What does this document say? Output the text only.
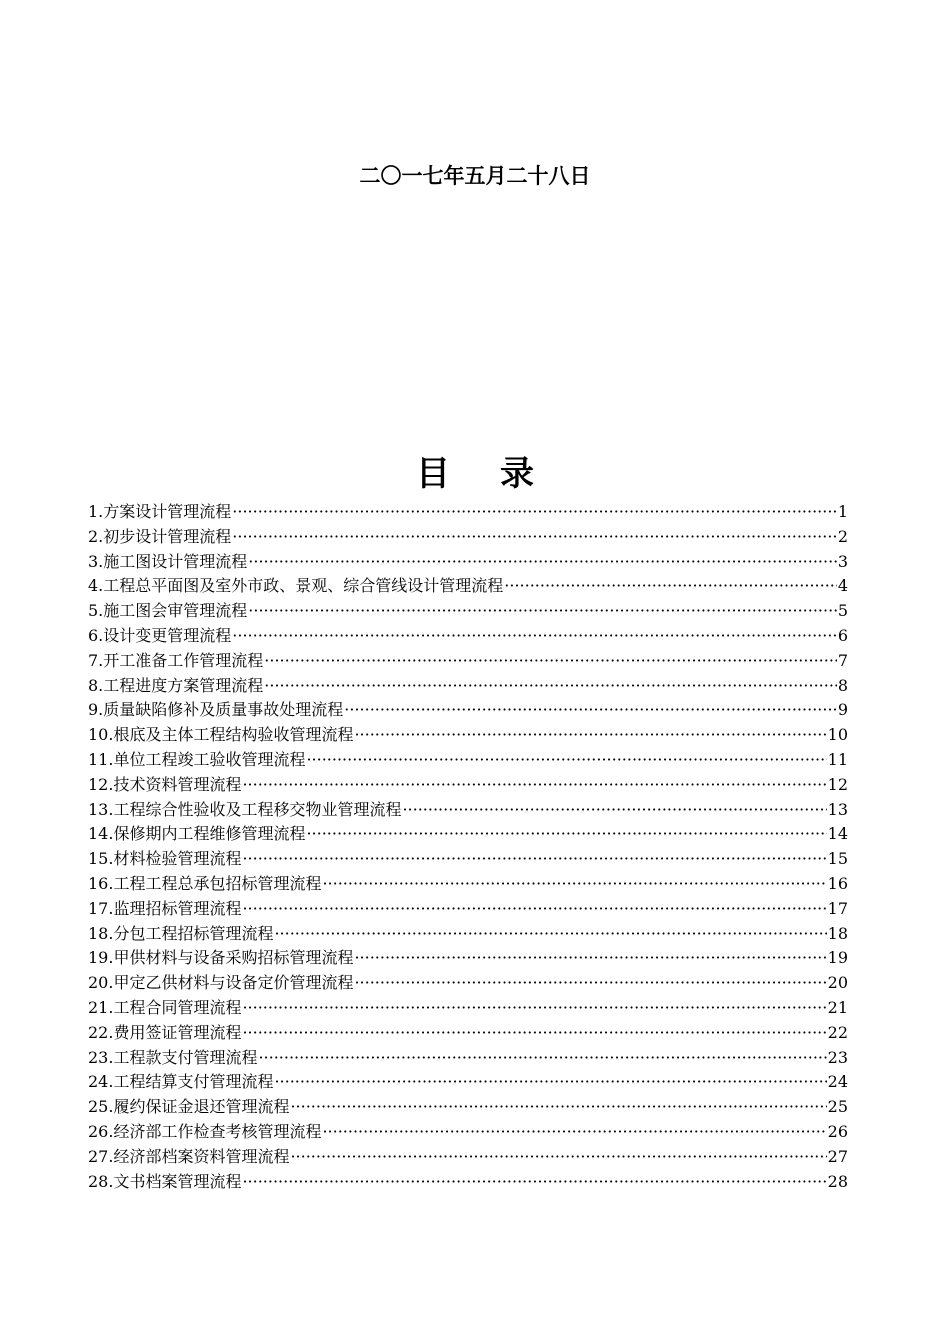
二〇一七年五月二十八日
目录
1.方案设计管理流程 ·····	1
2.初步设计管理流程 ·····	2
3.施工图设计管理流程 ·····	3
4.工程总平面图及室外市政、景观、综合管线设计管理流程 ·····	4
5.施工图会审管理流程 ·····	5
6.设计变更管理流程 ·····	6
7.开工准备工作管理流程 ·····	7
8.工程进度方案管理流程 ·····	8
9.质量缺陷修补及质量事故处理流程 ·····	9
10.根底及主体工程结构验收管理流程 ·····	10
11.单位工程竣工验收管理流程 ·····	11
12.技术资料管理流程 ·····	12
13.工程综合性验收及工程移交物业管理流程 ·····	13
14.保修期内工程维修管理流程 ·····	14
15.材料检验管理流程 ·····	15
16.工程工程总承包招标管理流程 ·····	16
17.监理招标管理流程 ·····	17
18.分包工程招标管理流程 ·····	18
19.甲供材料与设备采购招标管理流程 ·····	19
20.甲定乙供材料与设备定价管理流程 ·····	20
21.工程合同管理流程 ·····	21
22.费用签证管理流程 ·····	22
23.工程款支付管理流程 ·····	23
24.工程结算支付管理流程 ·····	24
25.履约保证金退还管理流程 ·····	25
26.经济部工作检查考核管理流程 ·····	26
27.经济部档案资料管理流程 ·····	27
28.文书档案管理流程 ·····	28
